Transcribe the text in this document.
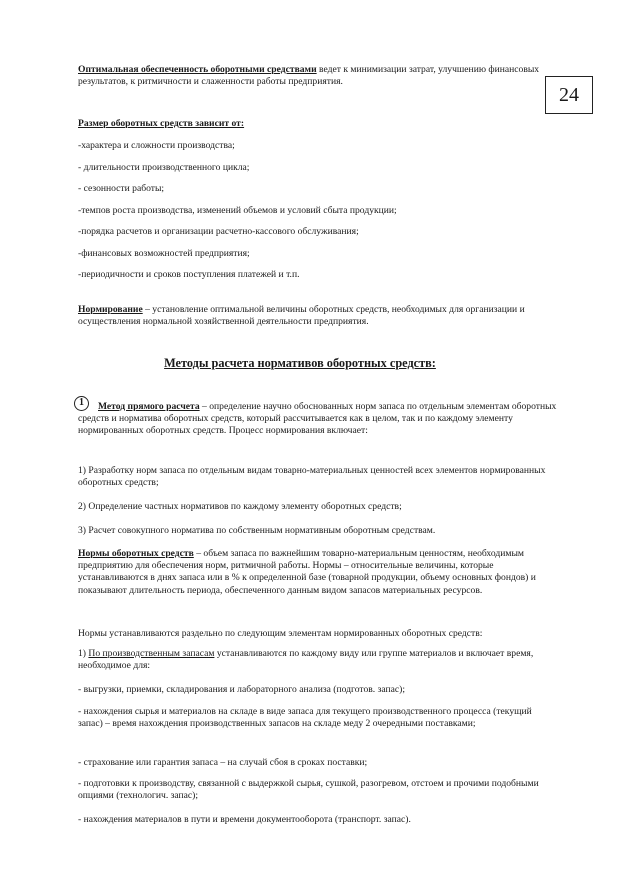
24
Оптимальная обеспеченность оборотными средствами ведет к минимизации затрат, улучшению финансовых результатов, к ритмичности и слаженности работы предприятия.
Размер оборотных средств зависит от:
-характера и сложности производства;
- длительности производственного цикла;
- сезонности работы;
-темпов роста производства, изменений объемов и условий сбыта продукции;
-порядка расчетов и организации расчетно-кассового обслуживания;
-финансовых возможностей предприятия;
-периодичности и сроков поступления платежей и т.п.
Нормирование – установление оптимальной величины оборотных средств, необходимых для организации и осуществления нормальной хозяйственной деятельности предприятия.
Методы расчета нормативов оборотных средств:
1	Метод прямого расчета – определение научно обоснованных норм запаса по отдельным элементам оборотных средств и норматива оборотных средств, который рассчитывается как в целом, так и по каждому элементу нормированных оборотных средств. Процесс нормирования включает:
1) Разработку норм запаса по отдельным видам товарно-материальных ценностей всех элементов нормированных оборотных средств;
2) Определение частных нормативов по каждому элементу оборотных средств;
3) Расчет совокупного норматива по собственным нормативным оборотным средствам.
Нормы оборотных средств – объем запаса по важнейшим товарно-материальным ценностям, необходимым предприятию для обеспечения норм, ритмичной работы. Нормы – относительные величины, которые устанавливаются в днях запаса или в % к определенной базе (товарной продукции, объему основных фондов) и показывают длительность периода, обеспеченного данным видом запасов материальных ресурсов.
Нормы устанавливаются раздельно по следующим элементам нормированных оборотных средств:
1) По производственным запасам устанавливаются по каждому виду или группе материалов и включает время, необходимое для:
- выгрузки, приемки, складирования и лабораторного анализа (подготов. запас);
- нахождения сырья и материалов на складе в виде запаса для текущего производственного процесса (текущий запас) – время нахождения производственных запасов на складе меду 2 очередными поставками;
- страхование или гарантия запаса – на случай сбоя в сроках поставки;
- подготовки к производству, связанной с выдержкой сырья, сушкой, разогревом, отстоем и прочими подобными опциями (технологич. запас);
- нахождения материалов в пути и времени документооборота (транспорт. запас).
